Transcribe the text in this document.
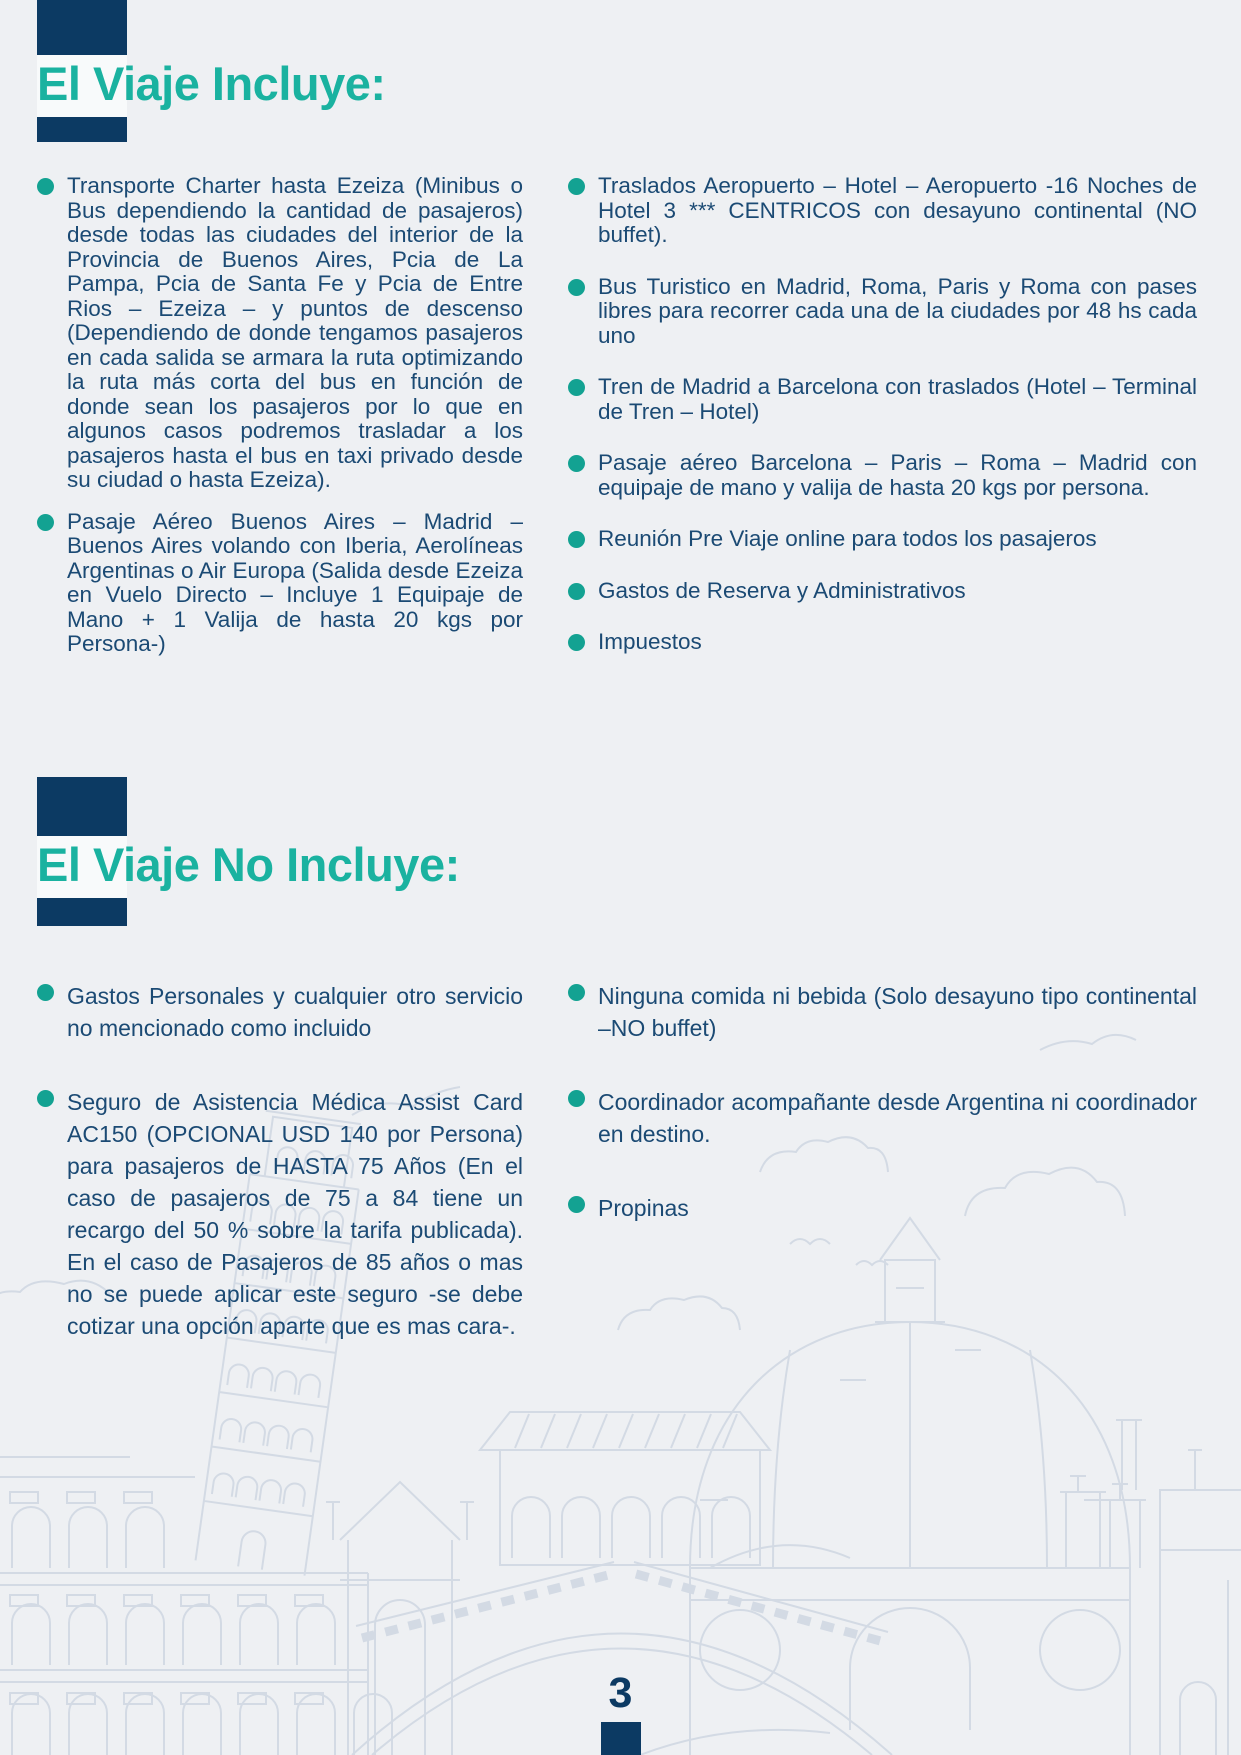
El Viaje Incluye:

Transporte Charter hasta Ezeiza (Minibus o Bus dependiendo la cantidad de pasajeros) desde todas las ciudades del interior de la Provincia de Buenos Aires, Pcia de La Pampa, Pcia de Santa Fe y Pcia de Entre Rios – Ezeiza – y puntos de descenso (Dependiendo de donde tengamos pasajeros en cada salida se armara la ruta optimizando la ruta más corta del bus en función de donde sean los pasajeros por lo que en algunos casos podremos trasladar a los pasajeros hasta el bus en taxi privado desde su ciudad o hasta Ezeiza).

Pasaje Aéreo Buenos Aires – Madrid – Buenos Aires volando con Iberia, Aerolíneas Argentinas o Air Europa (Salida desde Ezeiza en Vuelo Directo – Incluye 1 Equipaje de Mano + 1 Valija de hasta 20 kgs por Persona-)

Traslados Aeropuerto – Hotel – Aeropuerto -16 Noches de Hotel 3 *** CENTRICOS con desayuno continental (NO buffet).

Bus Turistico en Madrid, Roma, Paris y Roma con pases libres para recorrer cada una de la ciudades por 48 hs cada uno

Tren de Madrid a Barcelona con traslados (Hotel – Terminal de Tren – Hotel)

Pasaje aéreo Barcelona – Paris – Roma – Madrid con equipaje de mano y valija de hasta 20 kgs por persona.

Reunión Pre Viaje online para todos los pasajeros

Gastos de Reserva y Administrativos

Impuestos

El Viaje No Incluye:

Gastos Personales y cualquier otro servicio no mencionado como incluido

Seguro de Asistencia Médica Assist Card AC150 (OPCIONAL USD 140 por Persona) para pasajeros de HASTA 75 Años (En el caso de pasajeros de 75 a 84 tiene un recargo del 50 % sobre la tarifa publicada). En el caso de Pasajeros de 85 años o mas no se puede aplicar este seguro -se debe cotizar una opción aparte que es mas cara-.

Ninguna comida ni bebida (Solo desayuno tipo continental –NO buffet)

Coordinador acompañante desde Argentina ni coordinador en destino.

Propinas

3
